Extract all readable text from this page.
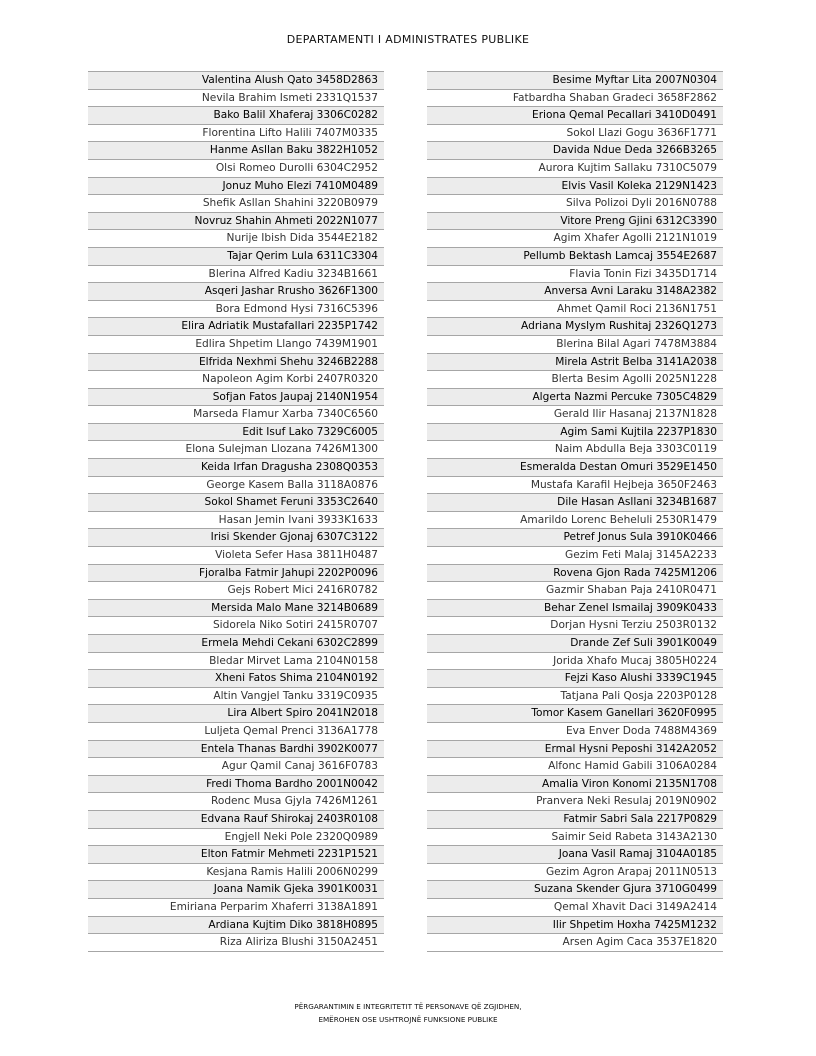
DEPARTAMENTI I ADMINISTRATES PUBLIKE
Valentina Alush Qato 3458D2863
Nevila Brahim Ismeti 2331Q1537
Bako Balil Xhaferaj 3306C0282
Florentina Lifto Halili 7407M0335
Hanme Asllan Baku 3822H1052
Olsi Romeo Durolli 6304C2952
Jonuz Muho Elezi 7410M0489
Shefik Asllan Shahini 3220B0979
Novruz Shahin Ahmeti 2022N1077
Nurije Ibish Dida 3544E2182
Tajar Qerim Lula 6311C3304
Blerina Alfred Kadiu 3234B1661
Asqeri Jashar Rrusho 3626F1300
Bora Edmond Hysi 7316C5396
Elira Adriatik Mustafallari 2235P1742
Edlira Shpetim Llango 7439M1901
Elfrida Nexhmi Shehu 3246B2288
Napoleon Agim Korbi 2407R0320
Sofjan Fatos Jaupaj 2140N1954
Marseda Flamur Xarba 7340C6560
Edit Isuf Lako 7329C6005
Elona Sulejman Llozana 7426M1300
Keida Irfan Dragusha 2308Q0353
George Kasem Balla 3118A0876
Sokol Shamet Feruni 3353C2640
Hasan Jemin Ivani 3933K1633
Irisi Skender Gjonaj 6307C3122
Violeta Sefer Hasa 3811H0487
Fjoralba Fatmir Jahupi 2202P0096
Gejs Robert Mici 2416R0782
Mersida Malo Mane 3214B0689
Sidorela Niko Sotiri 2415R0707
Ermela Mehdi Cekani 6302C2899
Bledar Mirvet Lama 2104N0158
Xheni Fatos Shima 2104N0192
Altin Vangjel Tanku 3319C0935
Lira Albert Spiro 2041N2018
Luljeta Qemal Prenci 3136A1778
Entela Thanas Bardhi 3902K0077
Agur Qamil Canaj 3616F0783
Fredi Thoma Bardho 2001N0042
Rodenc Musa Gjyla 7426M1261
Edvana Rauf Shirokaj 2403R0108
Engjell Neki Pole 2320Q0989
Elton Fatmir Mehmeti 2231P1521
Kesjana Ramis Halili 2006N0299
Joana Namik Gjeka 3901K0031
Emiriana Perparim Xhaferri 3138A1891
Ardiana Kujtim Diko 3818H0895
Riza Aliriza Blushi 3150A2451
Besime Myftar Lita 2007N0304
Fatbardha Shaban Gradeci 3658F2862
Eriona Qemal Pecallari 3410D0491
Sokol Llazi Gogu 3636F1771
Davida Ndue Deda 3266B3265
Aurora Kujtim Sallaku 7310C5079
Elvis Vasil Koleka 2129N1423
Silva Polizoi Dyli 2016N0788
Vitore Preng Gjini 6312C3390
Agim Xhafer Agolli 2121N1019
Pellumb Bektash Lamcaj 3554E2687
Flavia Tonin Fizi 3435D1714
Anversa Avni Laraku 3148A2382
Ahmet Qamil Roci 2136N1751
Adriana Myslym Rushitaj 2326Q1273
Blerina Bilal Agari 7478M3884
Mirela Astrit Belba 3141A2038
Blerta Besim Agolli 2025N1228
Algerta Nazmi Percuke 7305C4829
Gerald Ilir Hasanaj 2137N1828
Agim Sami Kujtila 2237P1830
Naim Abdulla Beja 3303C0119
Esmeralda Destan Omuri 3529E1450
Mustafa Karafil Hejbeja 3650F2463
Dile Hasan Asllani 3234B1687
Amarildo Lorenc Beheluli 2530R1479
Petref Jonus Sula 3910K0466
Gezim Feti Malaj 3145A2233
Rovena Gjon Rada 7425M1206
Gazmir Shaban Paja 2410R0471
Behar Zenel Ismailaj 3909K0433
Dorjan Hysni Terziu 2503R0132
Drande Zef Suli 3901K0049
Jorida Xhafo Mucaj 3805H0224
Fejzi Kaso Alushi 3339C1945
Tatjana Pali Qosja 2203P0128
Tomor Kasem Ganellari 3620F0995
Eva Enver Doda 7488M4369
Ermal Hysni Peposhi 3142A2052
Alfonc Hamid Gabili 3106A0284
Amalia Viron Konomi 2135N1708
Pranvera Neki Resulaj 2019N0902
Fatmir Sabri Sala 2217P0829
Saimir Seid Rabeta 3143A2130
Joana Vasil Ramaj 3104A0185
Gezim Agron Arapaj 2011N0513
Suzana Skender Gjura 3710G0499
Qemal Xhavit Daci 3149A2414
Ilir Shpetim Hoxha 7425M1232
Arsen Agim Caca 3537E1820
PËRGARANTIMIN E INTEGRITETIT TË PERSONAVE QË ZGJIDHEN,
EMËROHEN OSE USHTROJNË FUNKSIONE PUBLIKE
